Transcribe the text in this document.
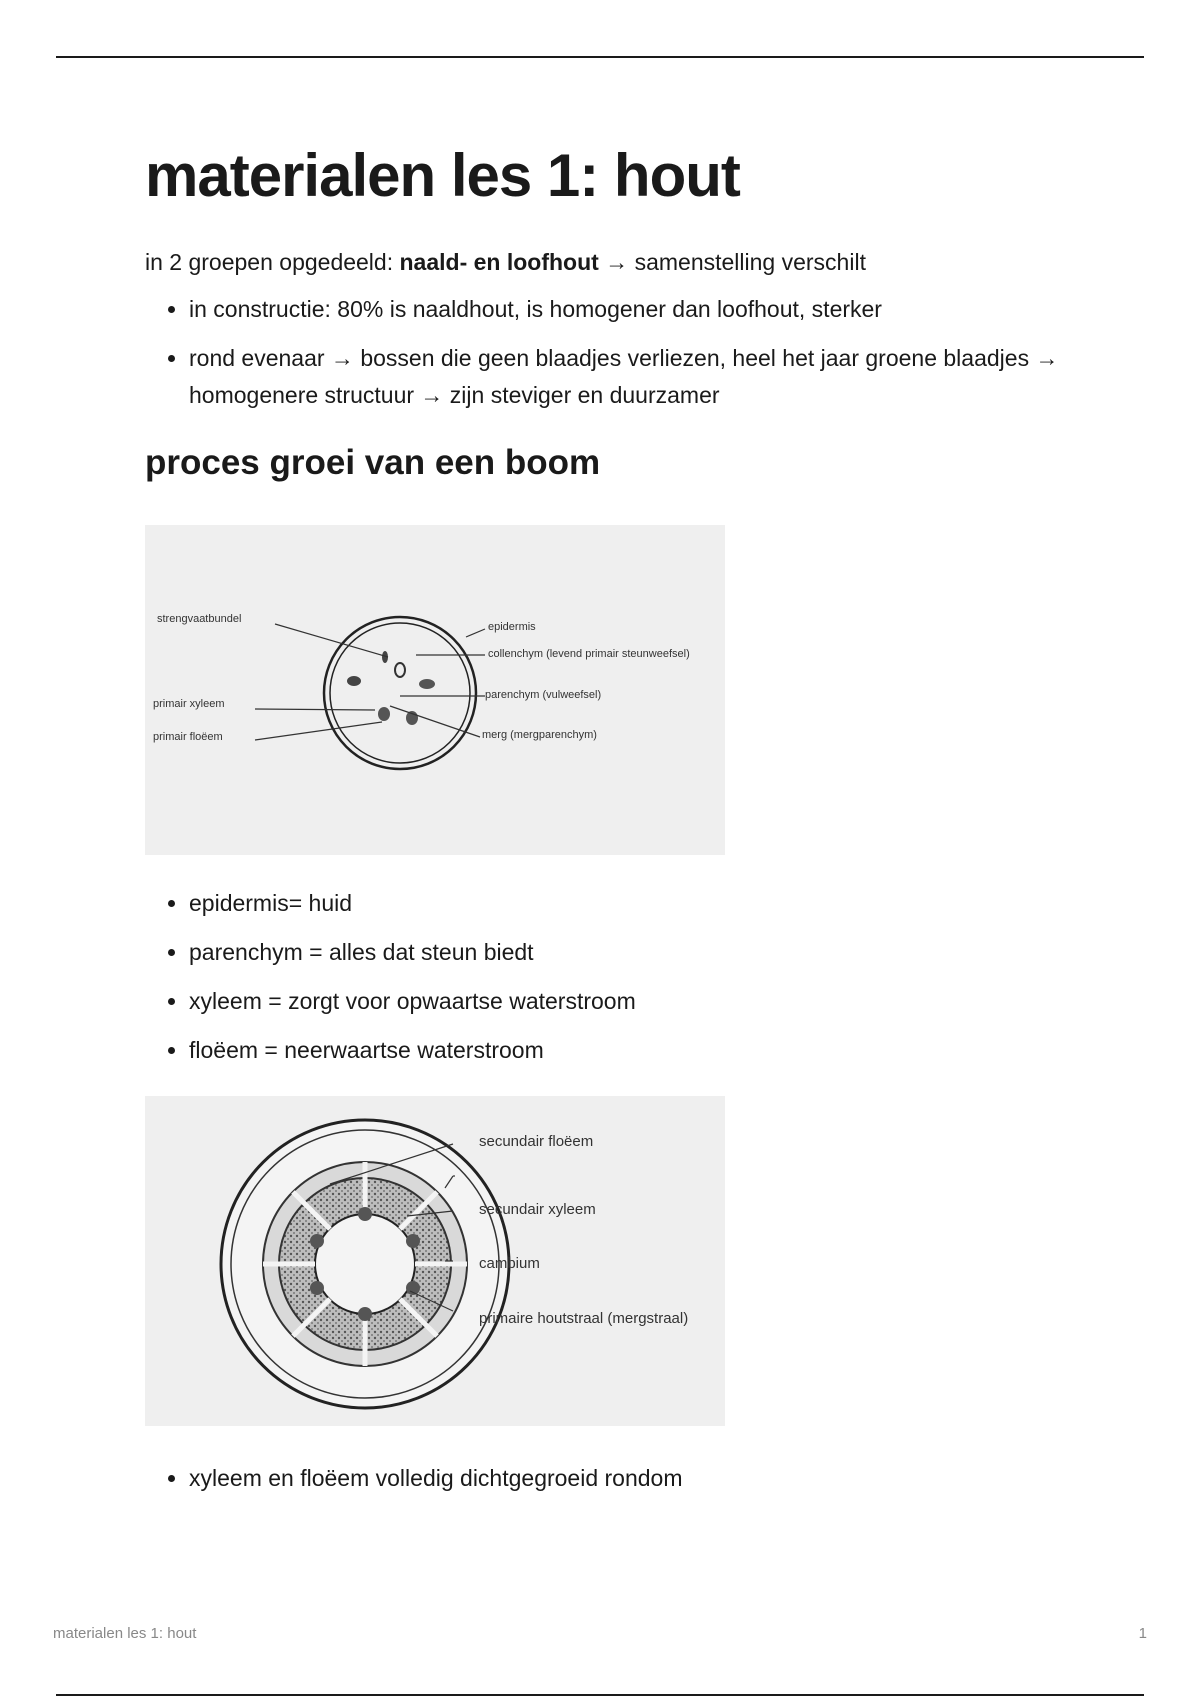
materialen les 1: hout

in 2 groepen opgedeeld: naald- en loofhout → samenstelling verschilt

• in constructie: 80% is naaldhout, is homogener dan loofhout, sterker
• rond evenaar → bossen die geen blaadjes verliezen, heel het jaar groene blaadjes → homogenere structuur → zijn steviger en duurzamer
proces groei van een boom
strengvaatbundel
primair xyleem
primair floëem
epidermis
collenchym (levend primair steunweefsel)
parenchym (vulweefsel)
merg (mergparenchym)
• epidermis= huid
• parenchym = alles dat steun biedt
• xyleem = zorgt voor opwaartse waterstroom
• floëem = neerwaartse waterstroom
secundair floëem
secundair xyleem
cambium
primaire houtstraal (mergstraal)
• xyleem en floëem volledig dichtgegroeid rondom
materialen les 1: hout	1
